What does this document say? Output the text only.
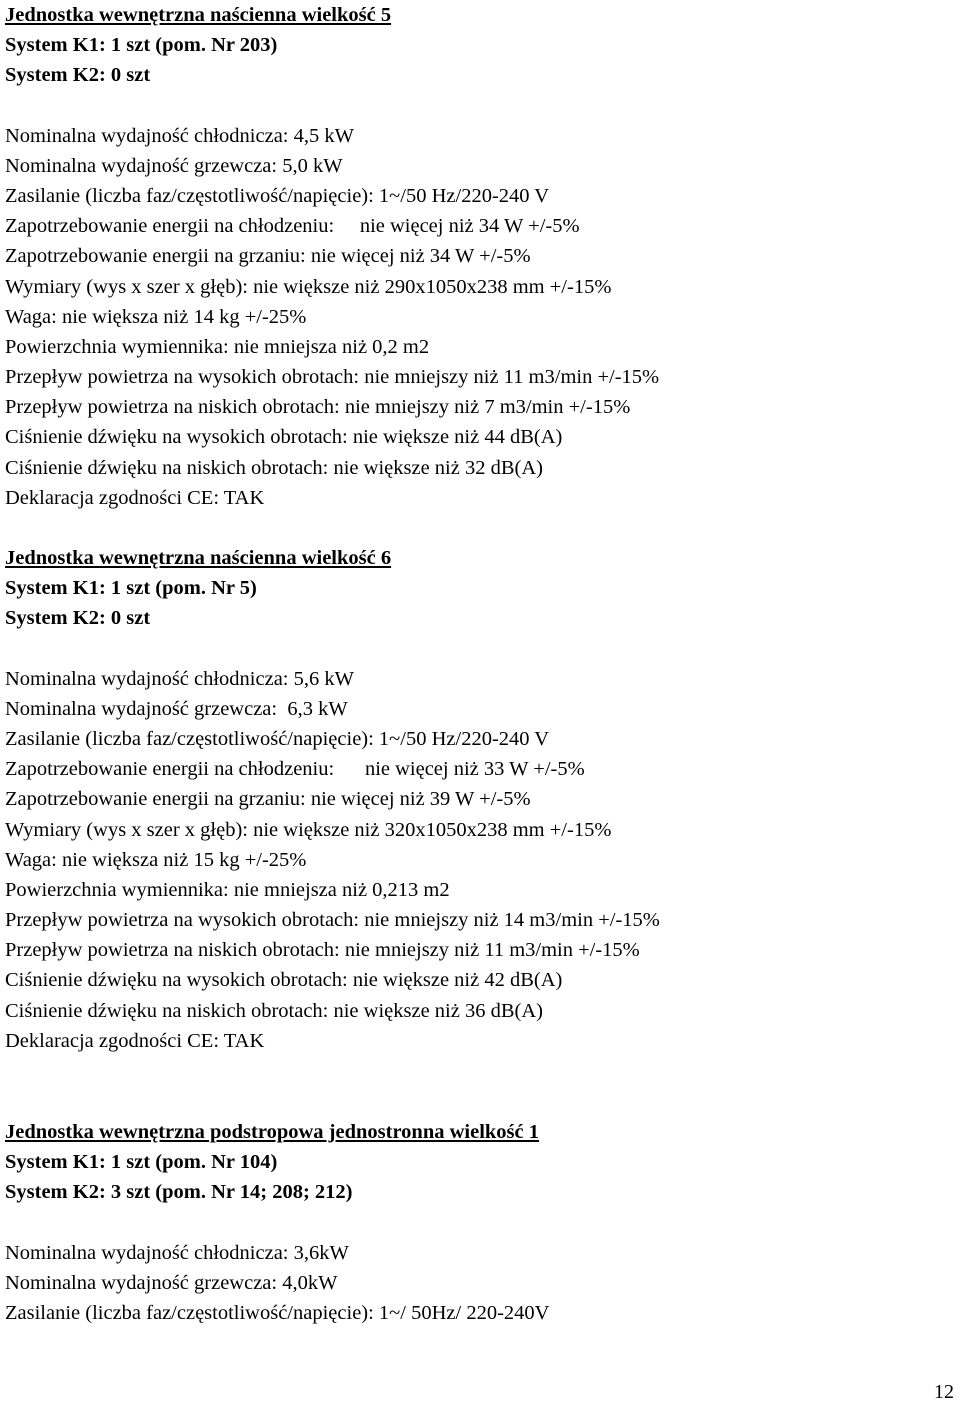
Jednostka wewnętrzna naścienna wielkość 5
System K1: 1 szt (pom. Nr 203)
System K2: 0 szt
Nominalna wydajność chłodnicza: 4,5 kW
Nominalna wydajność grzewcza: 5,0 kW
Zasilanie (liczba faz/częstotliwość/napięcie): 1~/50 Hz/220-240 V
Zapotrzebowanie energii na chłodzeniu:     nie więcej niż 34 W +/-5%
Zapotrzebowanie energii na grzaniu: nie więcej niż 34 W +/-5%
Wymiary (wys x szer x głęb): nie większe niż 290x1050x238 mm +/-15%
Waga: nie większa niż 14 kg +/-25%
Powierzchnia wymiennika: nie mniejsza niż 0,2 m2
Przepływ powietrza na wysokich obrotach: nie mniejszy niż 11 m3/min +/-15%
Przepływ powietrza na niskich obrotach: nie mniejszy niż 7 m3/min +/-15%
Ciśnienie dźwięku na wysokich obrotach: nie większe niż 44 dB(A)
Ciśnienie dźwięku na niskich obrotach: nie większe niż 32 dB(A)
Deklaracja zgodności CE: TAK
Jednostka wewnętrzna naścienna wielkość 6
System K1: 1 szt (pom. Nr 5)
System K2: 0 szt
Nominalna wydajność chłodnicza: 5,6 kW
Nominalna wydajność grzewcza:  6,3 kW
Zasilanie (liczba faz/częstotliwość/napięcie): 1~/50 Hz/220-240 V
Zapotrzebowanie energii na chłodzeniu:      nie więcej niż 33 W +/-5%
Zapotrzebowanie energii na grzaniu: nie więcej niż 39 W +/-5%
Wymiary (wys x szer x głęb): nie większe niż 320x1050x238 mm +/-15%
Waga: nie większa niż 15 kg +/-25%
Powierzchnia wymiennika: nie mniejsza niż 0,213 m2
Przepływ powietrza na wysokich obrotach: nie mniejszy niż 14 m3/min +/-15%
Przepływ powietrza na niskich obrotach: nie mniejszy niż 11 m3/min +/-15%
Ciśnienie dźwięku na wysokich obrotach: nie większe niż 42 dB(A)
Ciśnienie dźwięku na niskich obrotach: nie większe niż 36 dB(A)
Deklaracja zgodności CE: TAK
Jednostka wewnętrzna podstropowa jednostronna wielkość 1
System K1: 1 szt (pom. Nr 104)
System K2: 3 szt (pom. Nr 14; 208; 212)
Nominalna wydajność chłodnicza: 3,6kW
Nominalna wydajność grzewcza: 4,0kW
Zasilanie (liczba faz/częstotliwość/napięcie): 1~/ 50Hz/ 220-240V
12
